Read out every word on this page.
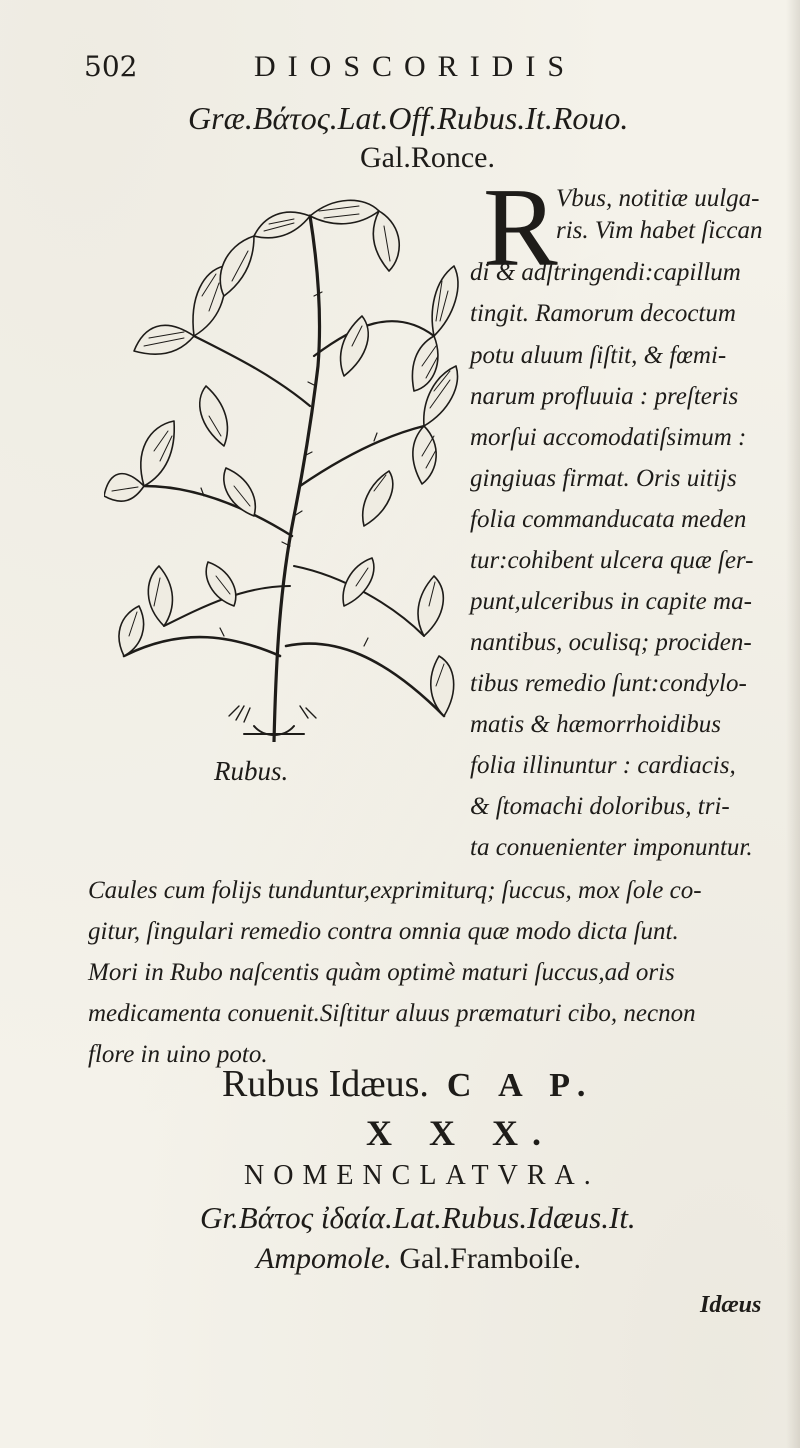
502	DIOSCORIDIS
Græ.Bάτος.Lat.Off.Rubus.It.Rouo.
Gal.Ronce.
Rubus.
R
Vbus, notitiæ uulga-
ris. Vim habet ſiccan
di & adſtringendi:capillum
tingit. Ramorum decoctum
potu aluum ſiſtit, & fœmi-
narum profluuia : preſteris
morſui accomodatiſsimum :
gingiuas firmat. Oris uitijs
folia commanducata meden
tur:cohibent ulcera quæ ſer-
punt,ulceribus in capite ma-
nantibus, oculisq; prociden-
tibus remedio ſunt:condylo-
matis & hæmorrhoidibus
folia illinuntur : cardiacis,
& ſtomachi doloribus, tri-
ta conuenienter imponuntur.
Caules cum folijs tunduntur,exprimiturq; ſuccus, mox ſole co-
gitur, ſingulari remedio contra omnia quæ modo dicta ſunt.
Mori in Rubo naſcentis quàm optimè maturi ſuccus,ad oris
medicamenta conuenit.Siſtitur aluus præmaturi cibo, necnon
flore in uino poto.
Rubus Idæus. C A P.
X X X.
NOMENCLATVRA.
Gr.Bάτος ἰδαία.Lat.Rubus.Idæus.It.
Ampomole. Gal.Framboiſe.
Idæus
